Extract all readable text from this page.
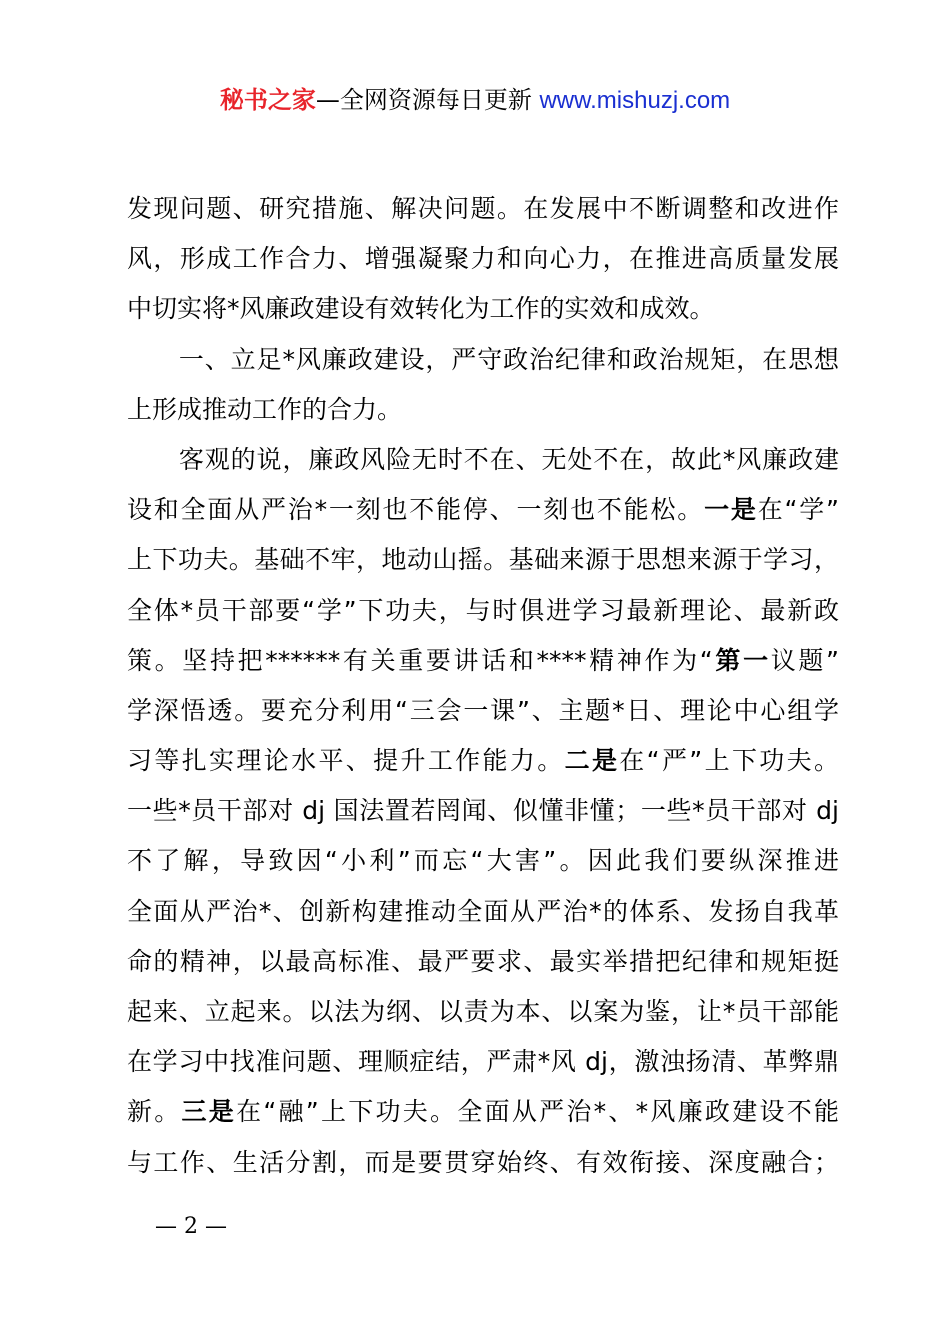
秘书之家—全网资源每日更新 www.mishuzj.com
发现问题、研究措施、解决问题。在发展中不断调整和改进作
风，形成工作合力、增强凝聚力和向心力，在推进高质量发展
中切实将*风廉政建设有效转化为工作的实效和成效。
　　一、立足*风廉政建设，严守政治纪律和政治规矩，在思想
上形成推动工作的合力。
　　客观的说，廉政风险无时不在、无处不在，故此*风廉政建
设和全面从严治*一刻也不能停、一刻也不能松。一是在“学”
上下功夫。基础不牢，地动山摇。基础来源于思想来源于学习，
全体*员干部要“学”下功夫，与时俱进学习最新理论、最新政
策。坚持把******有关重要讲话和****精神作为“第一议题”
学深悟透。要充分利用“三会一课”、主题*日、理论中心组学
习等扎实理论水平、提升工作能力。二是在“严”上下功夫。
一些*员干部对 dj 国法置若罔闻、似懂非懂；一些*员干部对 dj
不了解，导致因“小利”而忘“大害”。因此我们要纵深推进
全面从严治*、创新构建推动全面从严治*的体系、发扬自我革
命的精神，以最高标准、最严要求、最实举措把纪律和规矩挺
起来、立起来。以法为纲、以责为本、以案为鉴，让*员干部能
在学习中找准问题、理顺症结，严肃*风 dj，激浊扬清、革弊鼎
新。三是在“融”上下功夫。全面从严治*、*风廉政建设不能
与工作、生活分割，而是要贯穿始终、有效衔接、深度融合；
— 2 —
